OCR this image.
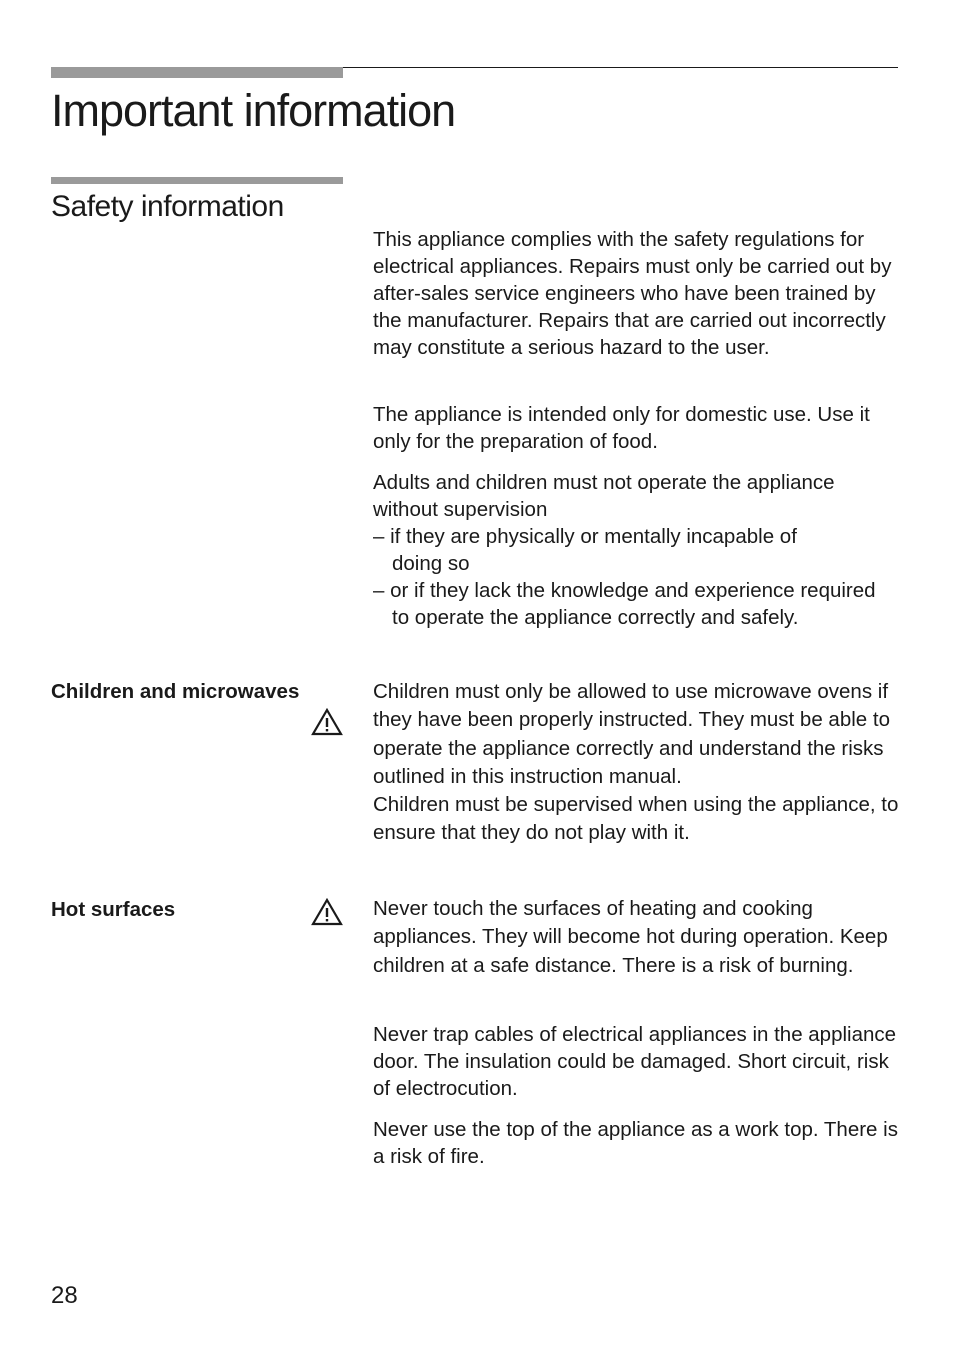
Important information
Safety information

This appliance complies with the safety regulations for electrical appliances. Repairs must only be carried out by after-sales service engineers who have been trained by the manufacturer. Repairs that are carried out incorrectly may constitute a serious hazard to the user.

The appliance is intended only for domestic use. Use it only for the preparation of food.

Adults and children must not operate the appliance without supervision
– if they are physically or mentally incapable of doing so
– or if they lack the knowledge and experience required to operate the appliance correctly and safely.

Children and microwaves	Children must only be allowed to use microwave ovens if they have been properly instructed. They must be able to operate the appliance correctly and understand the risks outlined in this instruction manual.
Children must be supervised when using the appliance, to ensure that they do not play with it.

Hot surfaces	Never touch the surfaces of heating and cooking appliances. They will become hot during operation. Keep children at a safe distance. There is a risk of burning.

Never trap cables of electrical appliances in the appliance door. The insulation could be damaged. Short circuit, risk of electrocution.

Never use the top of the appliance as a work top. There is a risk of fire.

28
